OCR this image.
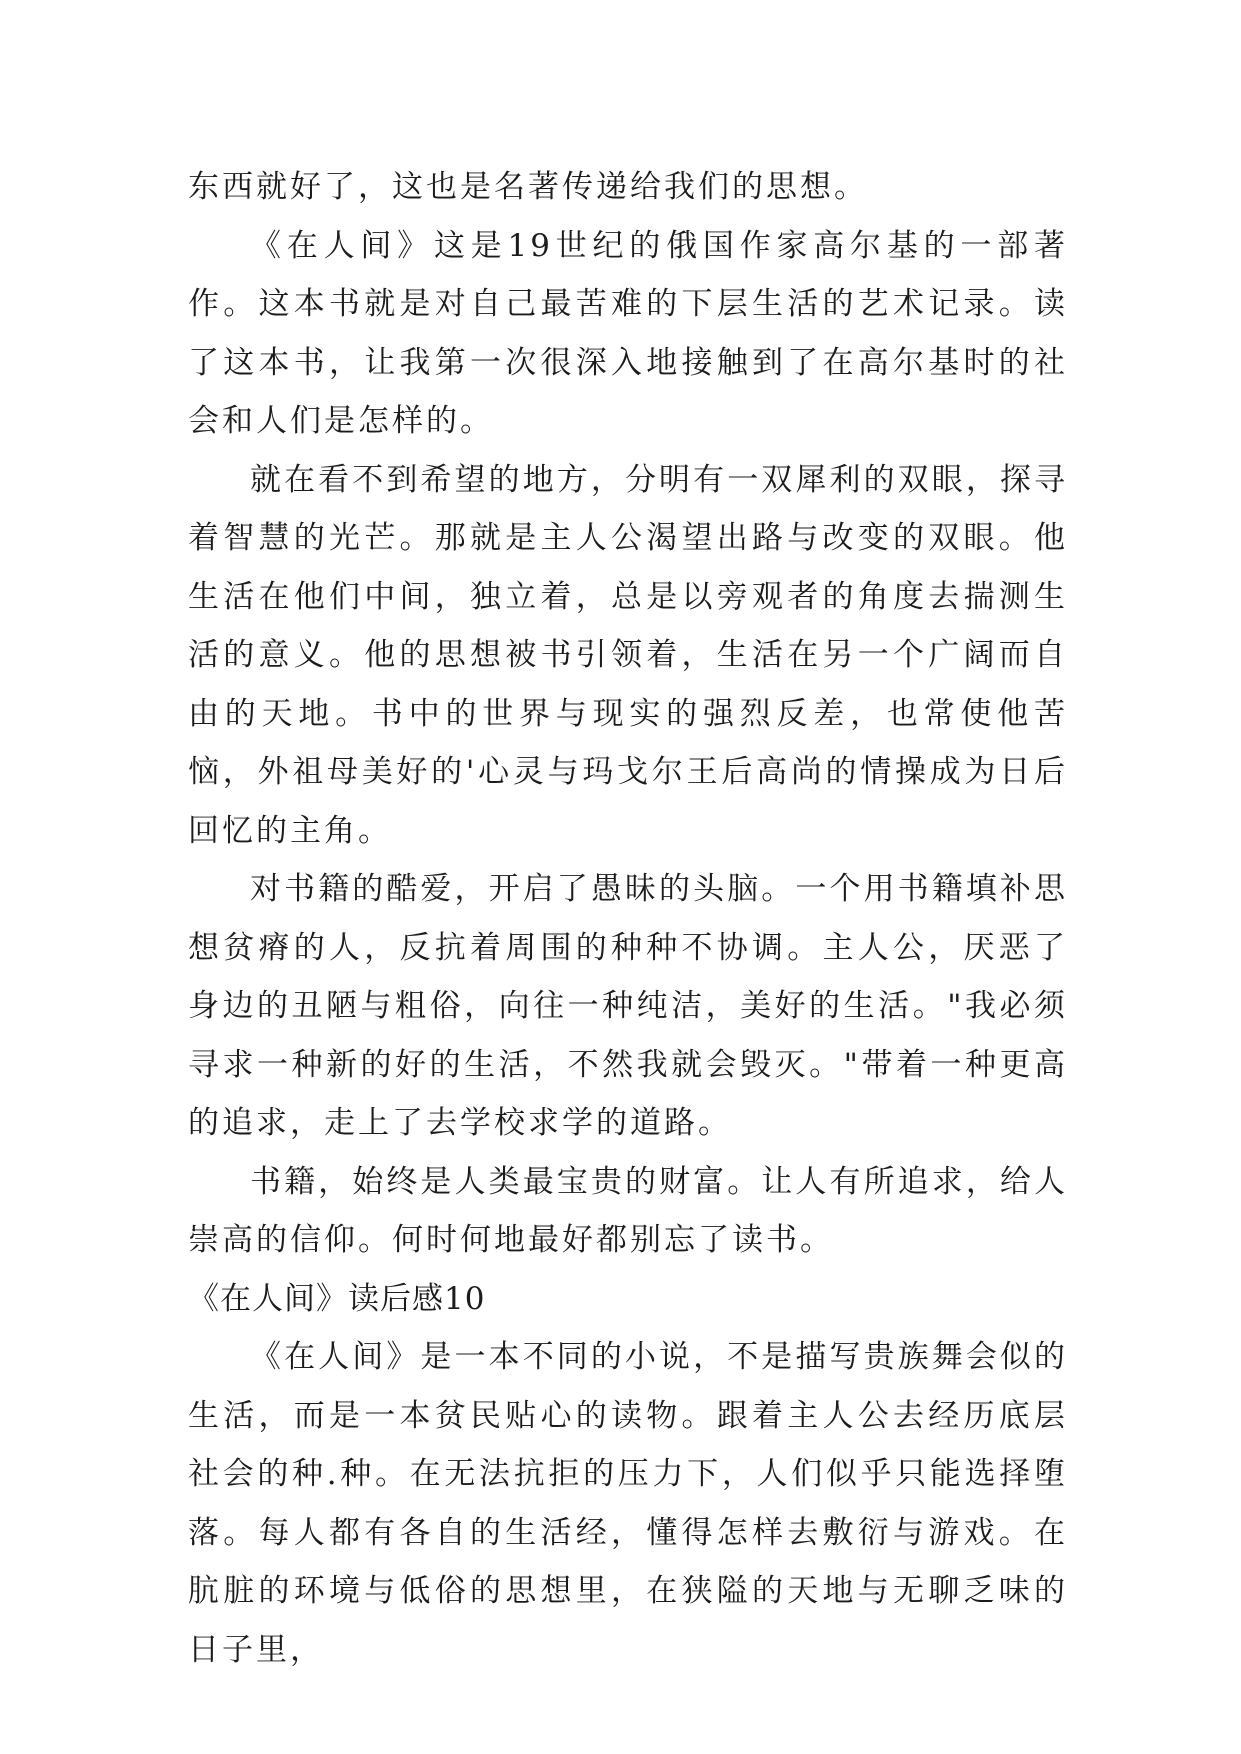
东西就好了，这也是名著传递给我们的思想。

《在人间》这是19世纪的俄国作家高尔基的一部著作。这本书就是对自己最苦难的下层生活的艺术记录。读了这本书，让我第一次很深入地接触到了在高尔基时的社会和人们是怎样的。

就在看不到希望的地方，分明有一双犀利的双眼，探寻着智慧的光芒。那就是主人公渴望出路与改变的双眼。他生活在他们中间，独立着，总是以旁观者的角度去揣测生活的意义。他的思想被书引领着，生活在另一个广阔而自由的天地。书中的世界与现实的强烈反差，也常使他苦恼，外祖母美好的'心灵与玛戈尔王后高尚的情操成为日后回忆的主角。

对书籍的酷爱，开启了愚昧的头脑。一个用书籍填补思想贫瘠的人，反抗着周围的种种不协调。主人公，厌恶了身边的丑陋与粗俗，向往一种纯洁，美好的生活。"我必须寻求一种新的好的生活，不然我就会毁灭。"带着一种更高的追求，走上了去学校求学的道路。

书籍，始终是人类最宝贵的财富。让人有所追求，给人崇高的信仰。何时何地最好都别忘了读书。

《在人间》读后感10

《在人间》是一本不同的小说，不是描写贵族舞会似的生活，而是一本贫民贴心的读物。跟着主人公去经历底层社会的种.种。在无法抗拒的压力下，人们似乎只能选择堕落。每人都有各自的生活经，懂得怎样去敷衍与游戏。在肮脏的环境与低俗的思想里，在狭隘的天地与无聊乏味的日子里，
